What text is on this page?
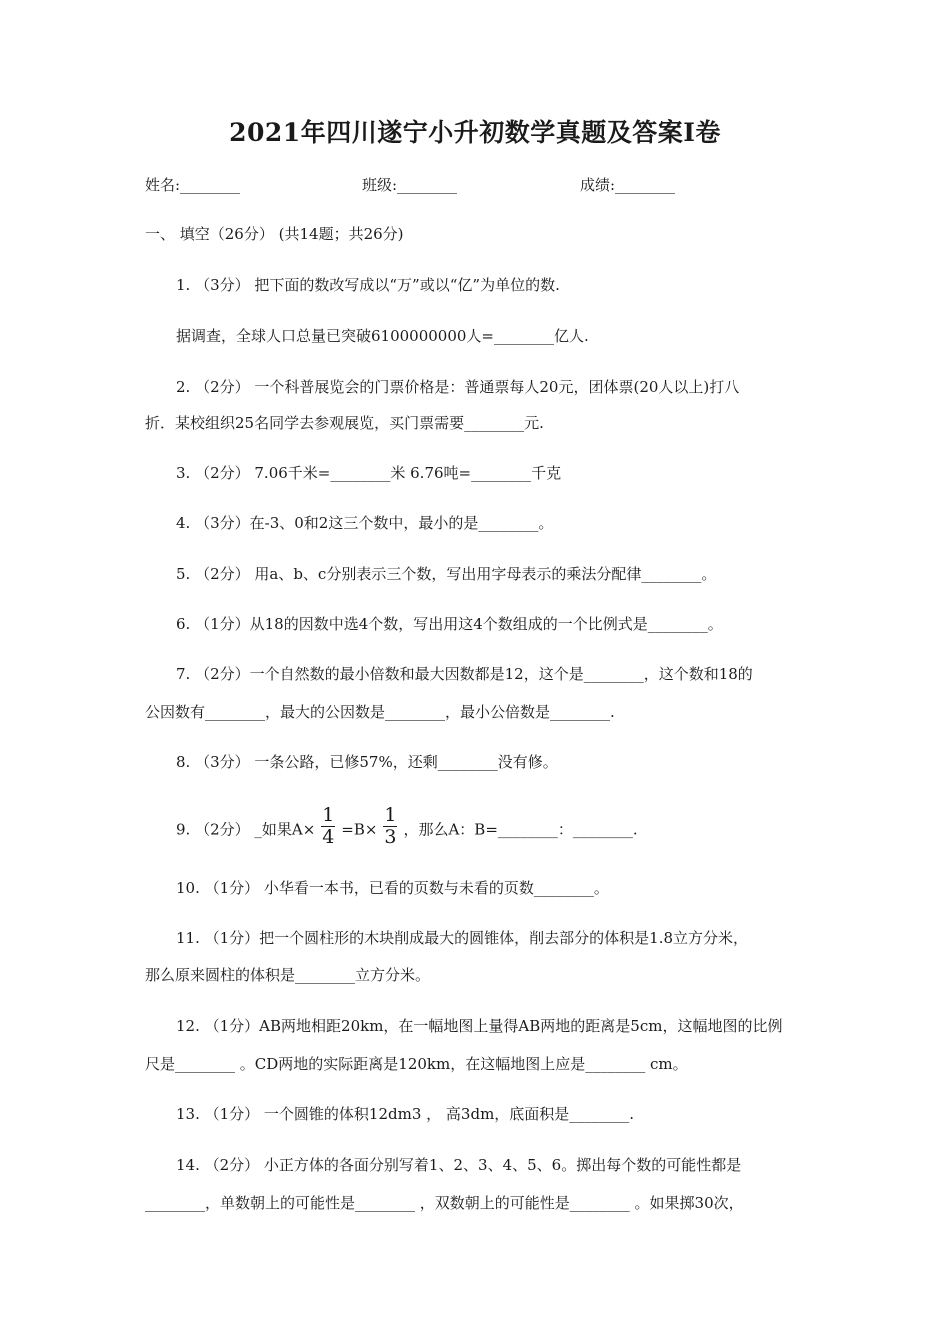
2021年四川遂宁小升初数学真题及答案Ⅰ卷
姓名:________	班级:________	成绩:________
一、 填空（26分） (共14题；共26分)
1. （3分） 把下面的数改写成以“万”或以“亿”为单位的数.
据调查，全球人口总量已突破6100000000人=________亿人.
2. （2分） 一个科普展览会的门票价格是：普通票每人20元，团体票(20人以上)打八
折．某校组织25名同学去参观展览，买门票需要________元.
3. （2分） 7.06千米=________米 6.76吨=________千克
4. （3分）在-3、0和2这三个数中，最小的是________。
5. （2分） 用a、b、c分别表示三个数，写出用字母表示的乘法分配律________。
6. （1分）从18的因数中选4个数，写出用这4个数组成的一个比例式是________。
7. （2分）一个自然数的最小倍数和最大因数都是12，这个是________，这个数和18的
公因数有________，最大的公因数是________，最小公倍数是________.
8. （3分） 一条公路，已修57%，还剩________没有修。
9. （2分） _如果$A\times \frac{1}{4} =B\times \frac{1}{3}$ ，那么A：B=________：________.
10. （1分） 小华看一本书，已看的页数与未看的页数________。
11. （1分）把一个圆柱形的木块削成最大的圆锥体，削去部分的体积是1.8立方分米，
那么原来圆柱的体积是________立方分米。
12. （1分）AB两地相距20km，在一幅地图上量得AB两地的距离是5cm，这幅地图的比例
尺是________ 。CD两地的实际距离是120km，在这幅地图上应是________ cm。
13. （1分） 一个圆锥的体积12dm3 ， 高3dm，底面积是________.
14. （2分） 小正方体的各面分别写着1、2、3、4、5、6。掷出每个数的可能性都是
________，单数朝上的可能性是________ ，双数朝上的可能性是________ 。如果掷30次，
